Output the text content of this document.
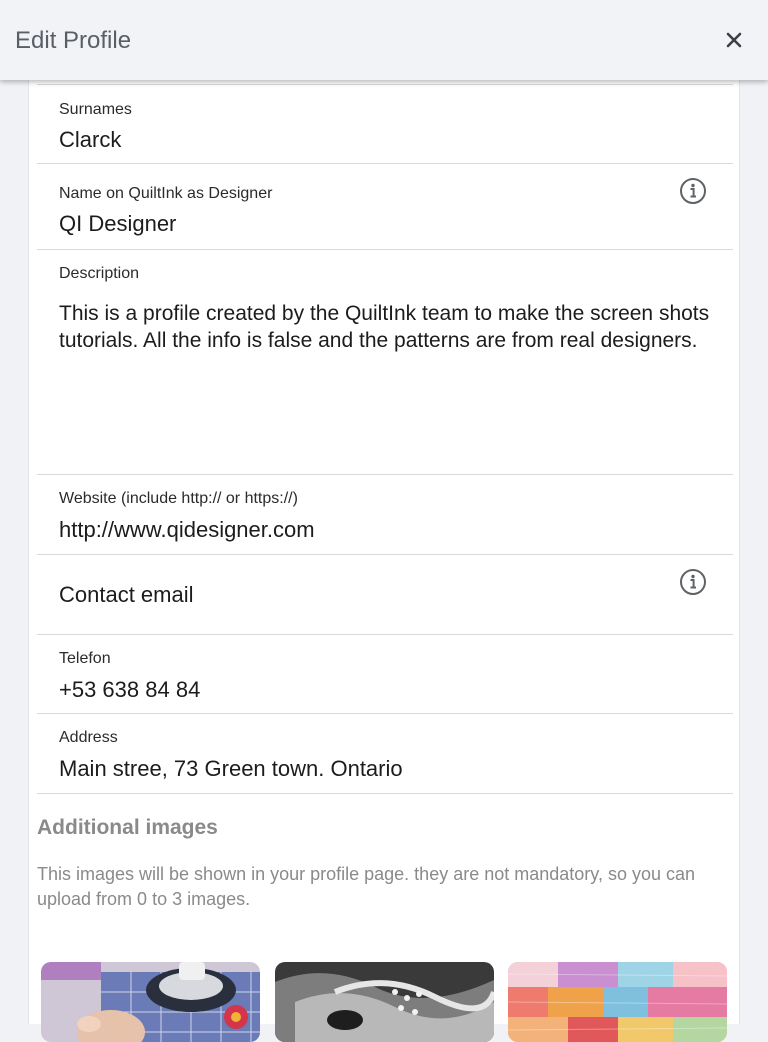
Edit Profile
Surnames
Clarck
Name on QuiltInk as Designer
QI Designer
Description
This is a profile created by the QuiltInk team to make the screen shots tutorials. All the info is false and the patterns are from real designers.
Website (include http:// or https://)
http://www.qidesigner.com
Contact email
Telefon
+53 638 84 84
Address
Main stree, 73 Green town. Ontario
Additional images
This images will be shown in your profile page. they are not mandatory, so you can upload from 0 to 3 images.
